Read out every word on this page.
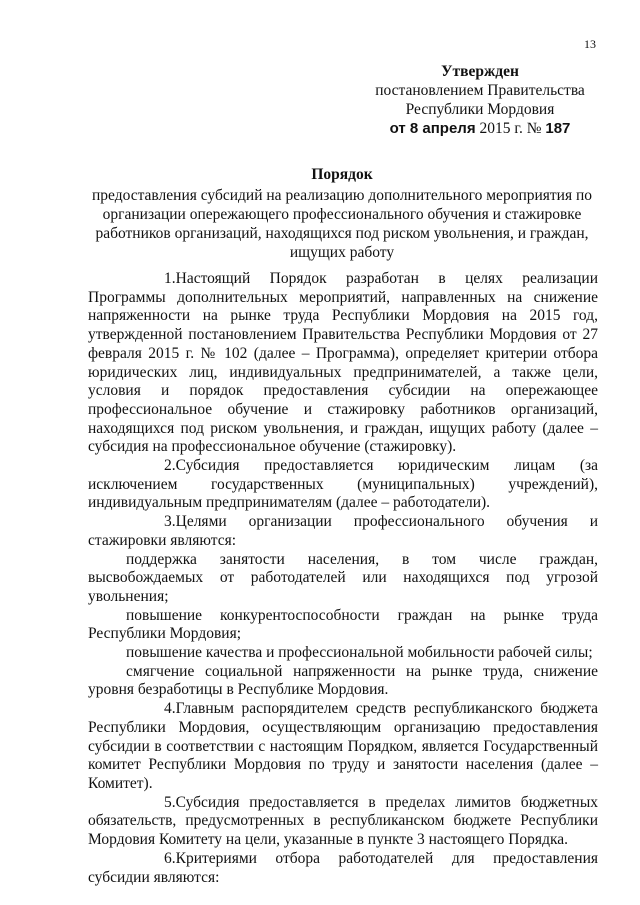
13
Утвержден
постановлением Правительства
Республики Мордовия
от 8 апреля 2015 г. № 187
Порядок
предоставления субсидий на реализацию дополнительного мероприятия по организации опережающего профессионального обучения и стажировке работников организаций, находящихся под риском увольнения, и граждан, ищущих работу

1.Настоящий Порядок разработан в целях реализации Программы дополнительных мероприятий, направленных на снижение напряженности на рынке труда Республики Мордовия на 2015 год, утвержденной постановлением Правительства Республики Мордовия от 27 февраля 2015 г. № 102 (далее – Программа), определяет критерии отбора юридических лиц, индивидуальных предпринимателей, а также цели, условия и порядок предоставления субсидии на опережающее профессиональное обучение и стажировку работников организаций, находящихся под риском увольнения, и граждан, ищущих работу (далее – субсидия на профессиональное обучение (стажировку).

2.Субсидия предоставляется юридическим лицам (за исключением государственных (муниципальных) учреждений), индивидуальным предпринимателям (далее – работодатели).

3.Целями организации профессионального обучения и стажировки являются:

поддержка занятости населения, в том числе граждан, высвобождаемых от работодателей или находящихся под угрозой увольнения;

повышение конкурентоспособности граждан на рынке труда Республики Мордовия;

повышение качества и профессиональной мобильности рабочей силы;

смягчение социальной напряженности на рынке труда, снижение уровня безработицы в Республике Мордовия.

4.Главным распорядителем средств республиканского бюджета Республики Мордовия, осуществляющим организацию предоставления субсидии в соответствии с настоящим Порядком, является Государственный комитет Республики Мордовия по труду и занятости населения (далее – Комитет).

5.Субсидия предоставляется в пределах лимитов бюджетных обязательств, предусмотренных в республиканском бюджете Республики Мордовия Комитету на цели, указанные в пункте 3 настоящего Порядка.

6.Критериями отбора работодателей для предоставления субсидии являются:
